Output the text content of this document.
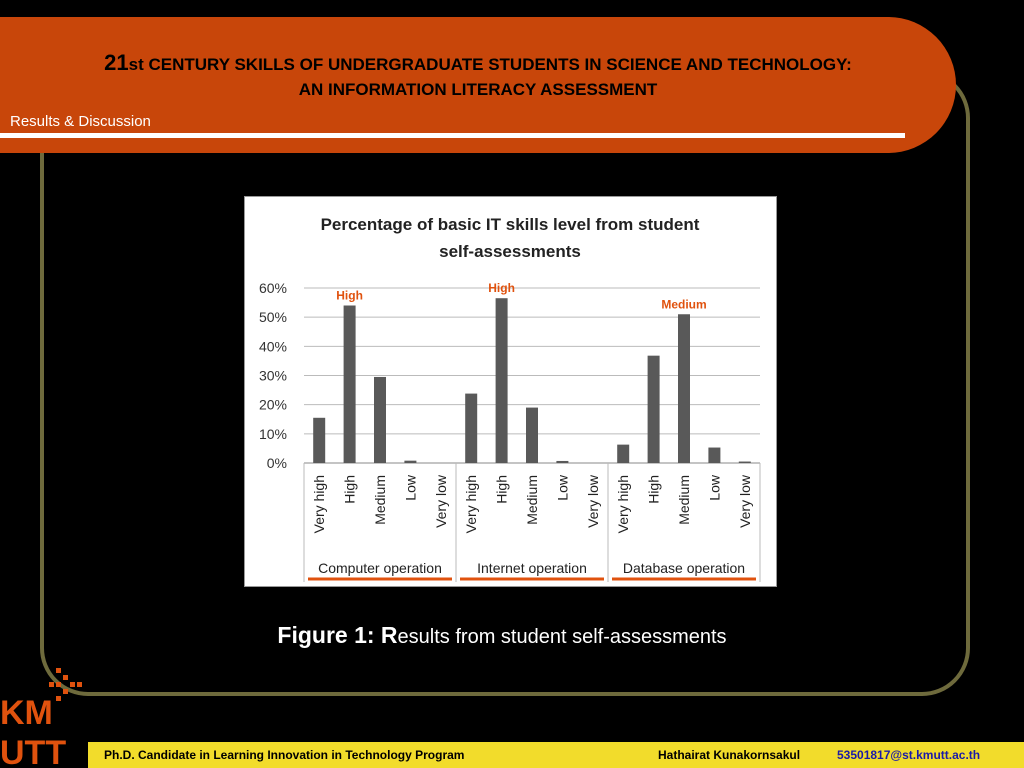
21st CENTURY SKILLS OF UNDERGRADUATE STUDENTS IN SCIENCE AND TECHNOLOGY:
AN INFORMATION LITERACY ASSESSMENT
Results & Discussion
Percentage of basic IT skills level from student
self-assessments
0%
10%
20%
30%
40%
50%
60%
Very high High
High
Medium Low Very low
Computer operation
Very high High
High
Medium Low Very low
Internet operation
Very high High Medium
Medium
Low Very low
Database operation
Figure 1: Results from student self-assessments
KM
UTT	Ph.D. Candidate in Learning Innovation in Technology Program	Hathairat Kunakornsakul	53501817@st.kmutt.ac.th
